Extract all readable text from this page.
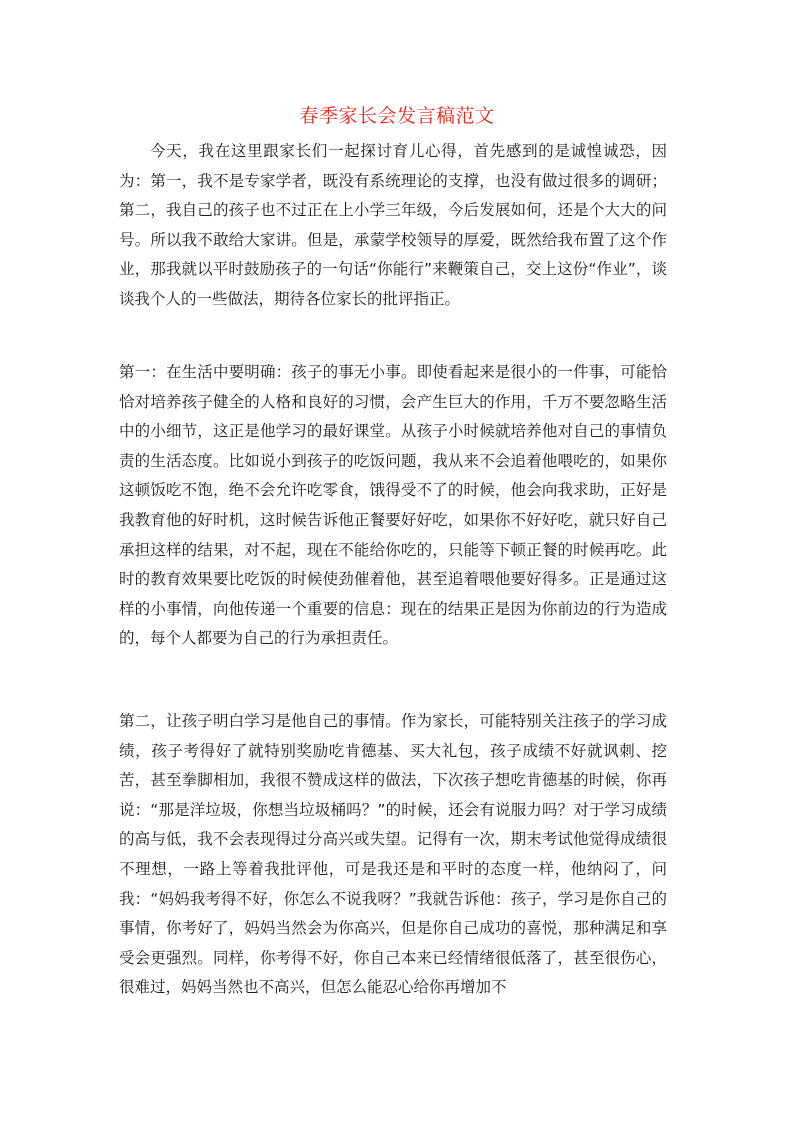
春季家长会发言稿范文

今天，我在这里跟家长们一起探讨育儿心得，首先感到的是诚惶诚恐，因为：第一，我不是专家学者，既没有系统理论的支撑，也没有做过很多的调研；第二，我自己的孩子也不过正在上小学三年级，今后发展如何，还是个大大的问号。所以我不敢给大家讲。但是，承蒙学校领导的厚爱，既然给我布置了这个作业，那我就以平时鼓励孩子的一句话“你能行”来鞭策自己，交上这份“作业”，谈谈我个人的一些做法，期待各位家长的批评指正。

第一：在生活中要明确：孩子的事无小事。即使看起来是很小的一件事，可能恰恰对培养孩子健全的人格和良好的习惯，会产生巨大的作用，千万不要忽略生活中的小细节，这正是他学习的最好课堂。从孩子小时候就培养他对自己的事情负责的生活态度。比如说小到孩子的吃饭问题，我从来不会追着他喂吃的，如果你这顿饭吃不饱，绝不会允许吃零食，饿得受不了的时候，他会向我求助，正好是我教育他的好时机，这时候告诉他正餐要好好吃，如果你不好好吃，就只好自己承担这样的结果，对不起，现在不能给你吃的，只能等下顿正餐的时候再吃。此时的教育效果要比吃饭的时候使劲催着他，甚至追着喂他要好得多。正是通过这样的小事情，向他传递一个重要的信息：现在的结果正是因为你前边的行为造成的，每个人都要为自己的行为承担责任。

第二，让孩子明白学习是他自己的事情。作为家长，可能特别关注孩子的学习成绩，孩子考得好了就特别奖励吃肯德基、买大礼包，孩子成绩不好就讽刺、挖苦，甚至拳脚相加，我很不赞成这样的做法，下次孩子想吃肯德基的时候，你再说：“那是洋垃圾，你想当垃圾桶吗？”的时候，还会有说服力吗？对于学习成绩的高与低，我不会表现得过分高兴或失望。记得有一次，期末考试他觉得成绩很不理想，一路上等着我批评他，可是我还是和平时的态度一样，他纳闷了，问我：“妈妈我考得不好，你怎么不说我呀？”我就告诉他：孩子，学习是你自己的事情，你考好了，妈妈当然会为你高兴，但是你自己成功的喜悦，那种满足和享受会更强烈。同样，你考得不好，你自己本来已经情绪很低落了，甚至很伤心，很难过，妈妈当然也不高兴，但怎么能忍心给你再增加不
